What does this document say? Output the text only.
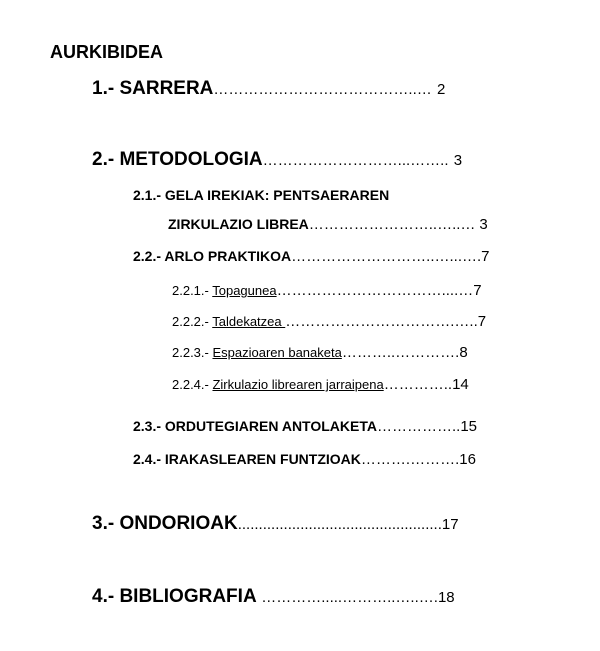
AURKIBIDEA
1.- SARRERA…………………………………..… 2
2.- METODOLOGIA………………………...…….. 3
2.1.- GELA IREKIAK: PENTSAERAREN
ZIRKULAZIO LIBREA……………………..…..… 3
2.2.- ARLO PRAKTIKOA………………………..…...….7
2.2.1.- Topagunea……………………………....…7
2.2.2.- Taldekatzea …………………………….…..7
2.2.3.- Espazioaren banaketa………..………….8
2.2.4.- Zirkulazio librearen jarraipena…………..14
2.3.- ORDUTEGIAREN ANTOLAKETA……………..15
2.4.- IRAKASLEAREN FUNTZIOAK……….……….16
3.- ONDORIOAK.................................................17
4.- BIBLIOGRAFIA ………….....………..…..….18
